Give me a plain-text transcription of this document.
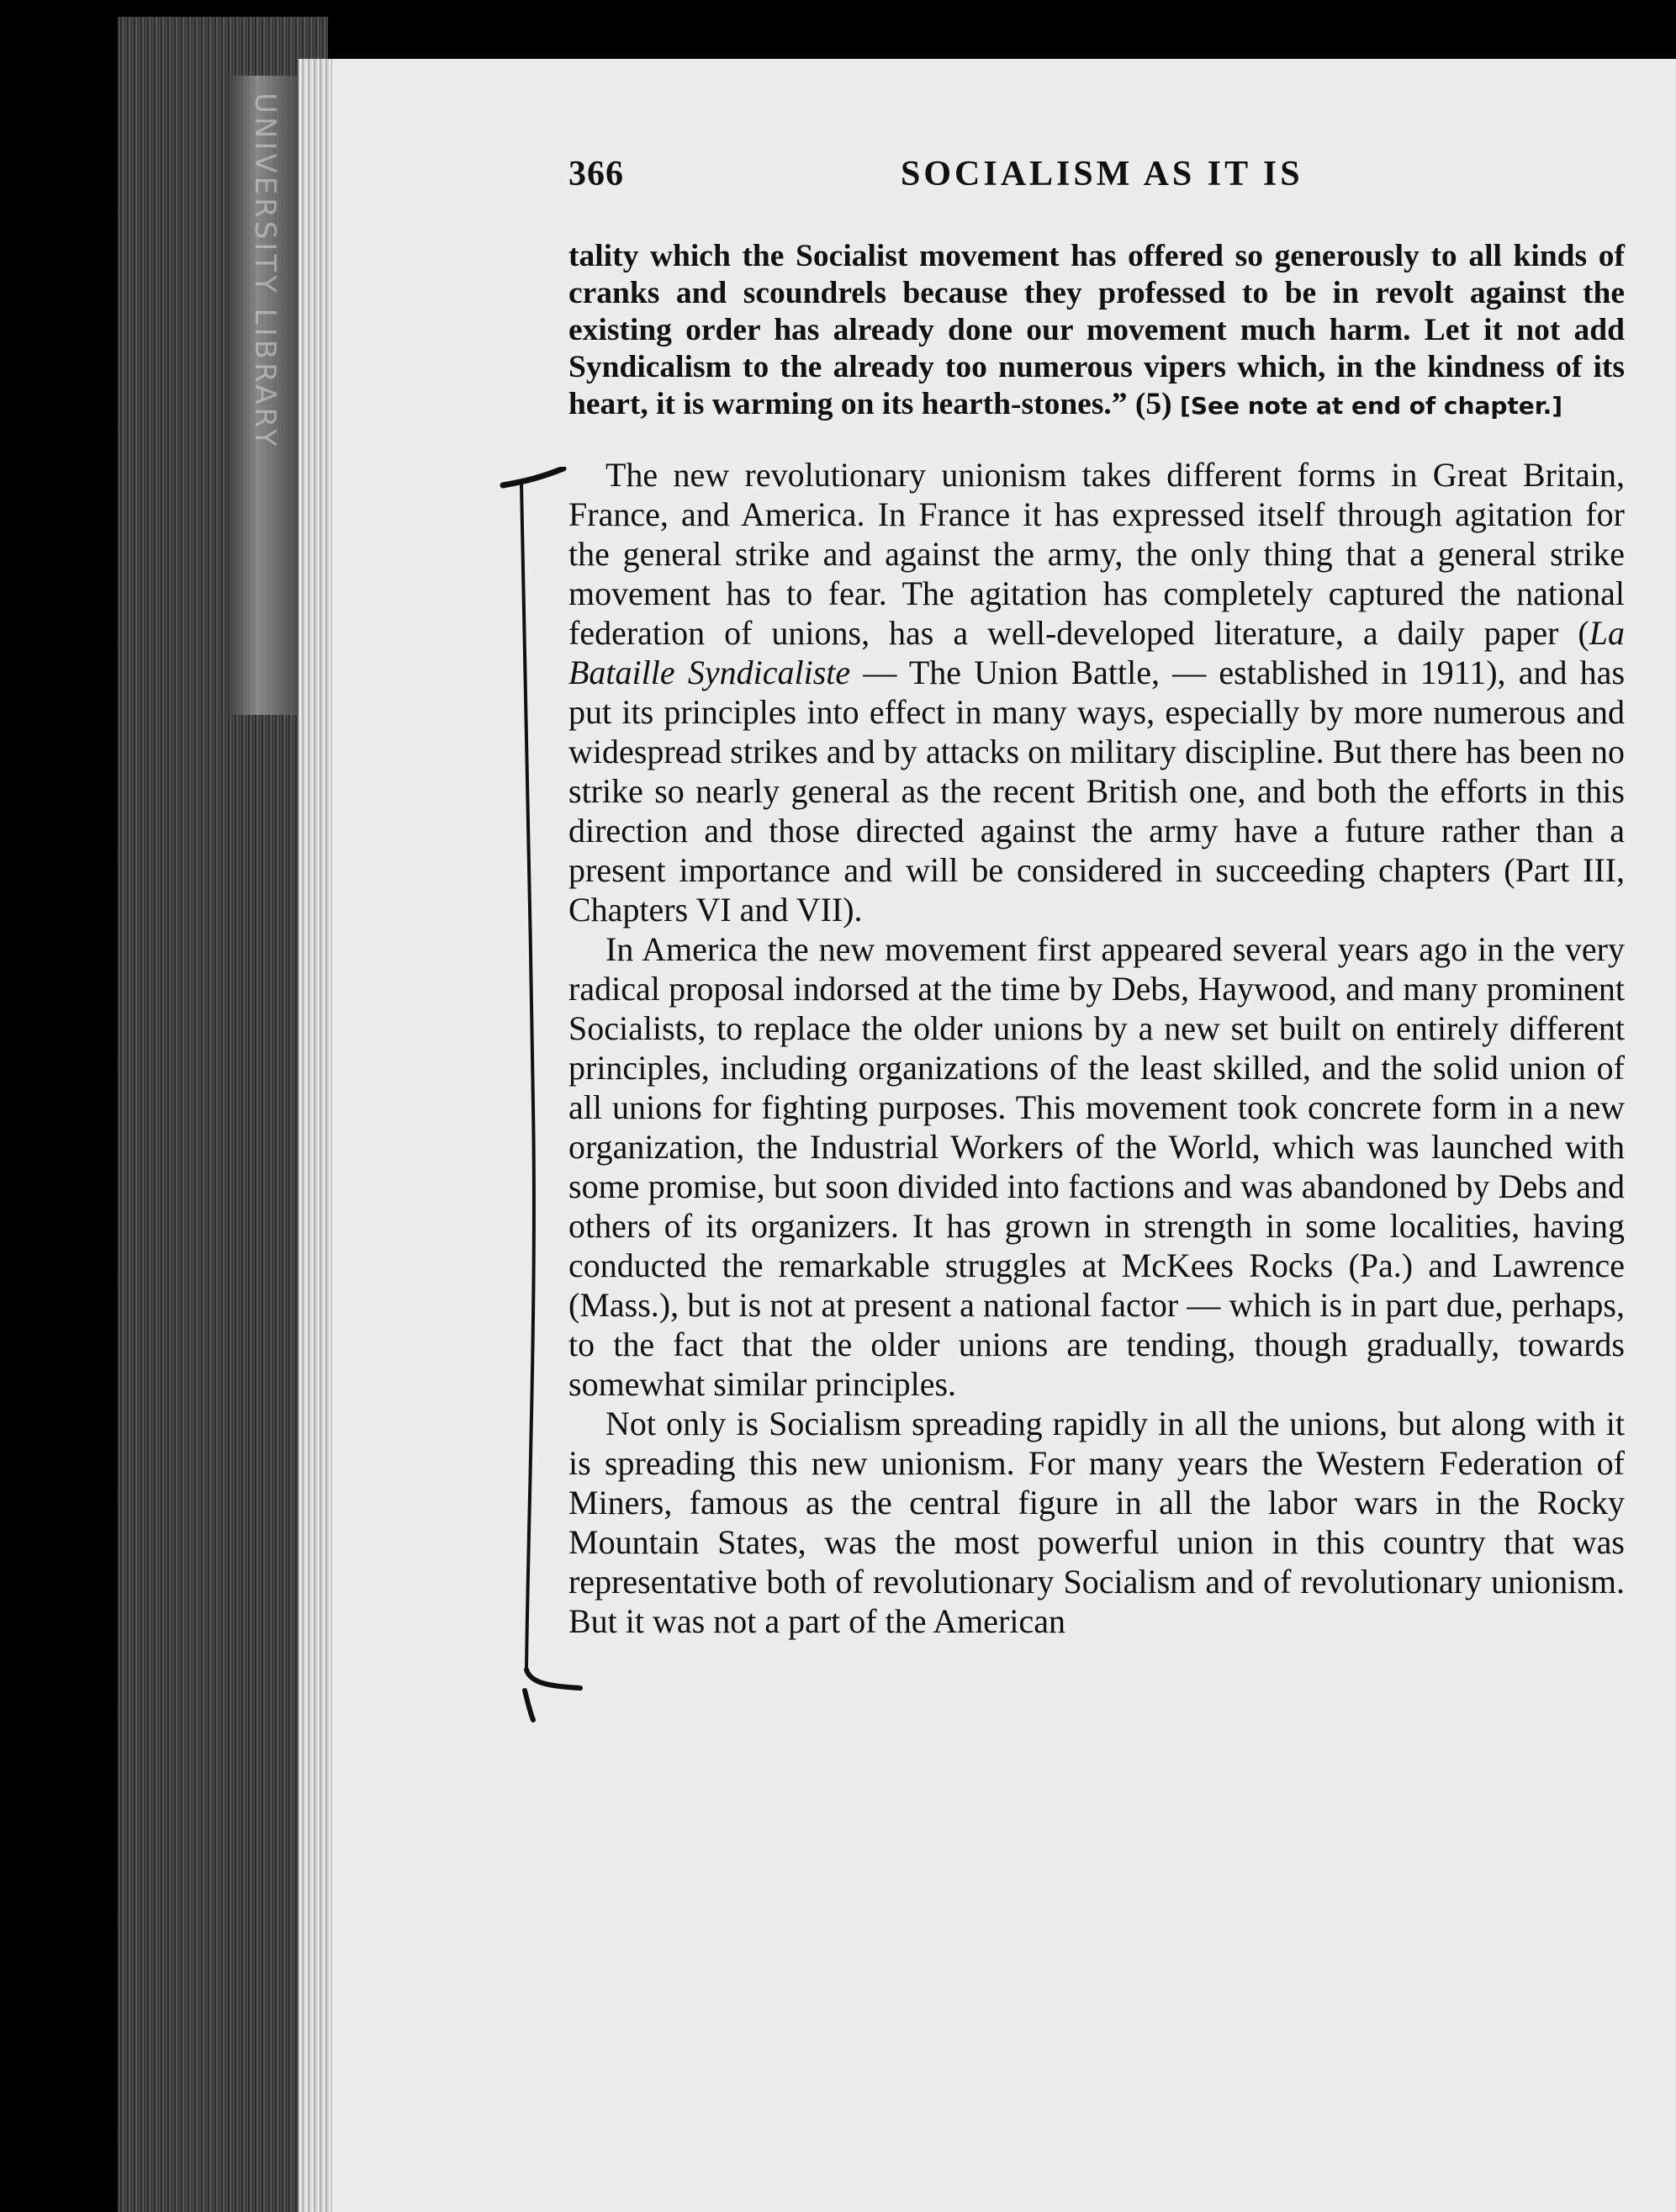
UNIVERSITY LIBRARY	366	SOCIALISM AS IT IS

tality which the Socialist movement has offered so generously to all kinds of cranks and scoundrels because they professed to be in revolt against the existing order has already done our movement much harm. Let it not add Syndicalism to the already too numerous vipers which, in the kindness of its heart, it is warming on its hearth-stones.” (5) [See note at end of chapter.]

The new revolutionary unionism takes different forms in Great Britain, France, and America. In France it has expressed itself through agitation for the general strike and against the army, the only thing that a general strike movement has to fear. The agitation has completely captured the national federation of unions, has a well-developed literature, a daily paper (La Bataille Syndicaliste — The Union Battle, — established in 1911), and has put its principles into effect in many ways, especially by more numerous and widespread strikes and by attacks on military discipline. But there has been no strike so nearly general as the recent British one, and both the efforts in this direction and those directed against the army have a future rather than a present importance and will be considered in succeeding chapters (Part III, Chapters VI and VII).

In America the new movement first appeared several years ago in the very radical proposal indorsed at the time by Debs, Haywood, and many prominent Socialists, to replace the older unions by a new set built on entirely different principles, including organizations of the least skilled, and the solid union of all unions for fighting purposes. This movement took concrete form in a new organization, the Industrial Workers of the World, which was launched with some promise, but soon divided into factions and was abandoned by Debs and others of its organizers. It has grown in strength in some localities, having conducted the remarkable struggles at McKees Rocks (Pa.) and Lawrence (Mass.), but is not at present a national factor — which is in part due, perhaps, to the fact that the older unions are tending, though gradually, towards somewhat similar principles.

Not only is Socialism spreading rapidly in all the unions, but along with it is spreading this new unionism. For many years the Western Federation of Miners, famous as the central figure in all the labor wars in the Rocky Mountain States, was the most powerful union in this country that was representative both of revolutionary Socialism and of revolutionary unionism. But it was not a part of the American
